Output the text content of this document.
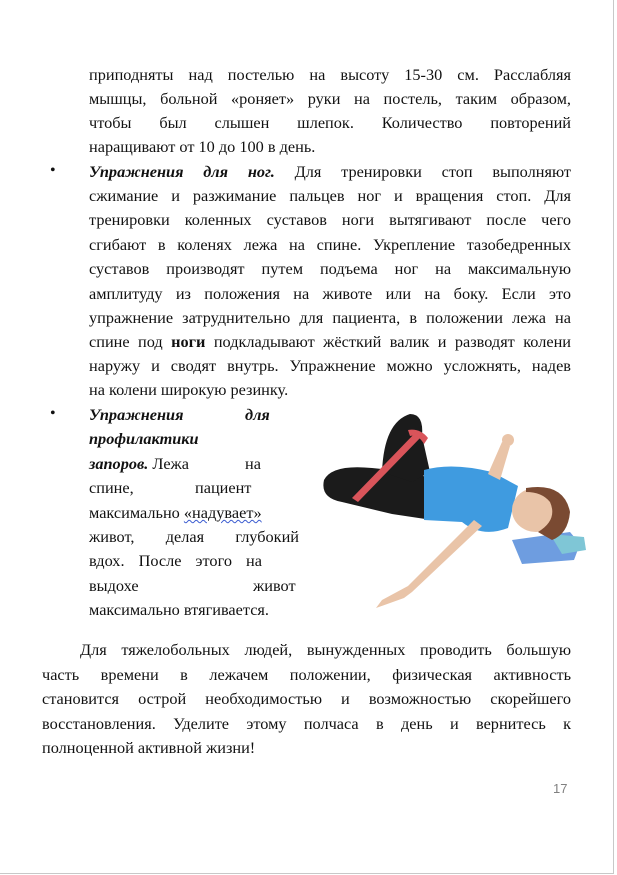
приподняты над постелью на высоту 15-30 см. Расслабляя
мышцы, больной «роняет» руки на постель, таким образом,
чтобы был слышен шлепок. Количество повторений
наращивают от 10 до 100 в день.
• Упражнения для ног. Для тренировки стоп выполняют
сжимание и разжимание пальцев ног и вращения стоп. Для
тренировки коленных суставов ноги вытягивают после чего
сгибают в коленях лежа на спине. Укрепление тазобедренных
суставов производят путем подъема ног на максимальную
амплитуду из положения на животе или на боку. Если это
упражнение затруднительно для пациента, в положении лежа на
спине под ноги подкладывают жёсткий валик и разводят колени
наружу и сводят внутрь. Упражнение можно усложнять, надев
на колени широкую резинку.
• Упражнения	для
профилактики
запоров. Лежа	на
спине,	пациент
максимально «надувает»
живот, делая глубокий
вдох. После этого на
выдохе	живот
максимально втягивается.
Для тяжелобольных людей, вынужденных проводить большую
часть времени в лежачем положении, физическая активность
становится острой необходимостью и возможностью скорейшего
восстановления. Уделите этому полчаса в день и вернитесь к
полноценной активной жизни!
17
